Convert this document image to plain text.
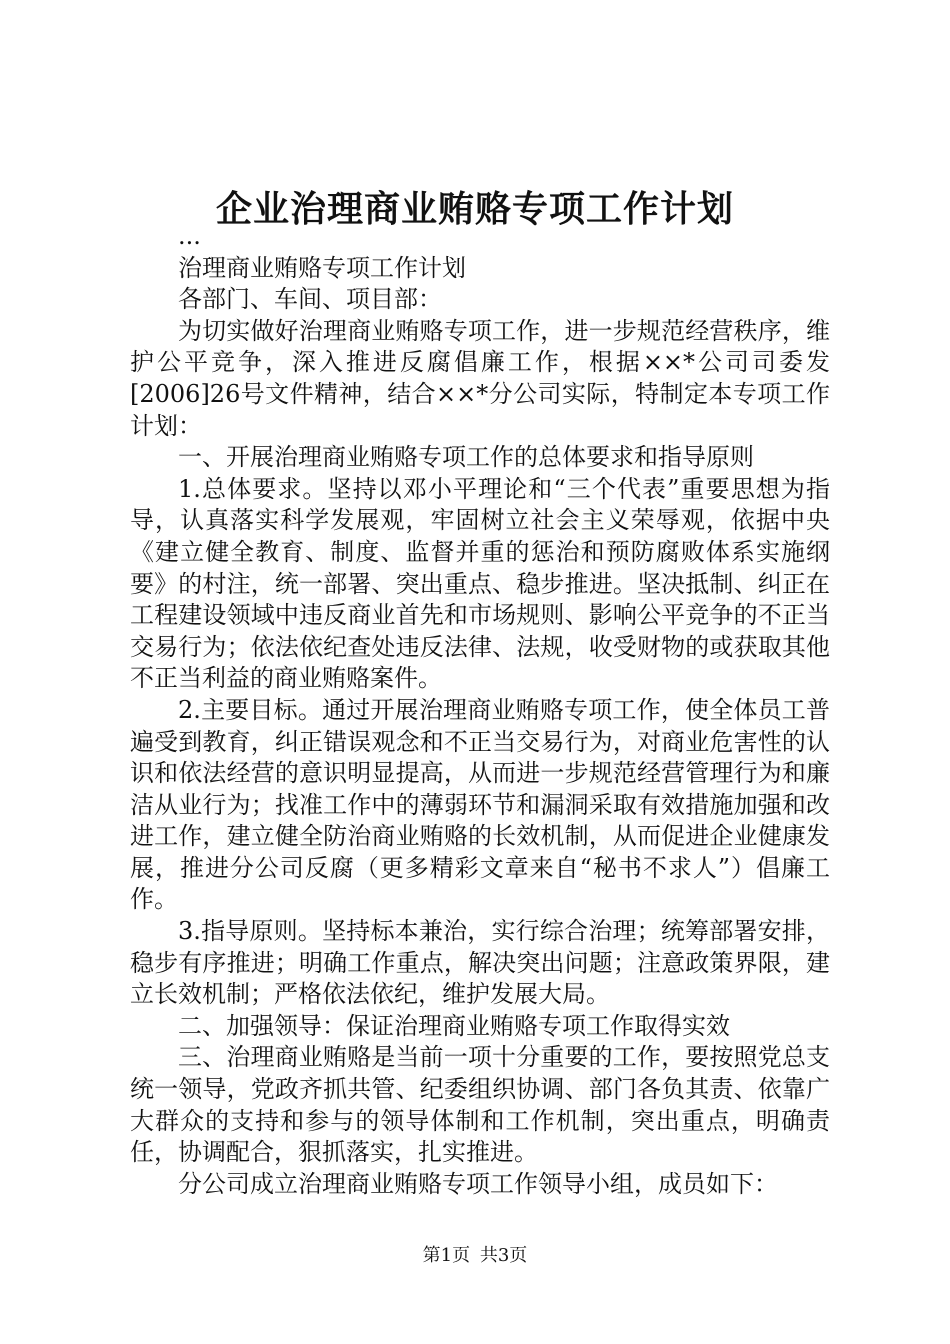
企业治理商业贿赂专项工作计划

...

治理商业贿赂专项工作计划

各部门、车间、项目部：

为切实做好治理商业贿赂专项工作，进一步规范经营秩序，维护公平竞争，深入推进反腐倡廉工作，根据××*公司司委发[2006]26号文件精神，结合××*分公司实际，特制定本专项工作计划：

一、开展治理商业贿赂专项工作的总体要求和指导原则

1.总体要求。坚持以邓小平理论和“三个代表”重要思想为指导，认真落实科学发展观，牢固树立社会主义荣辱观，依据中央《建立健全教育、制度、监督并重的惩治和预防腐败体系实施纲要》的村注，统一部署、突出重点、稳步推进。坚决抵制、纠正在工程建设领域中违反商业首先和市场规则、影响公平竞争的不正当交易行为；依法依纪查处违反法律、法规，收受财物的或获取其他不正当利益的商业贿赂案件。

2.主要目标。通过开展治理商业贿赂专项工作，使全体员工普遍受到教育，纠正错误观念和不正当交易行为，对商业危害性的认识和依法经营的意识明显提高，从而进一步规范经营管理行为和廉洁从业行为；找准工作中的薄弱环节和漏洞采取有效措施加强和改进工作，建立健全防治商业贿赂的长效机制，从而促进企业健康发展，推进分公司反腐（更多精彩文章来自“秘书不求人”）倡廉工作。

3.指导原则。坚持标本兼治，实行综合治理；统筹部署安排，稳步有序推进；明确工作重点，解决突出问题；注意政策界限，建立长效机制；严格依法依纪，维护发展大局。

二、加强领导：保证治理商业贿赂专项工作取得实效

三、治理商业贿赂是当前一项十分重要的工作，要按照党总支统一领导，党政齐抓共管、纪委组织协调、部门各负其责、依靠广大群众的支持和参与的领导体制和工作机制，突出重点，明确责任，协调配合，狠抓落实，扎实推进。

分公司成立治理商业贿赂专项工作领导小组，成员如下：

第1页 共3页
